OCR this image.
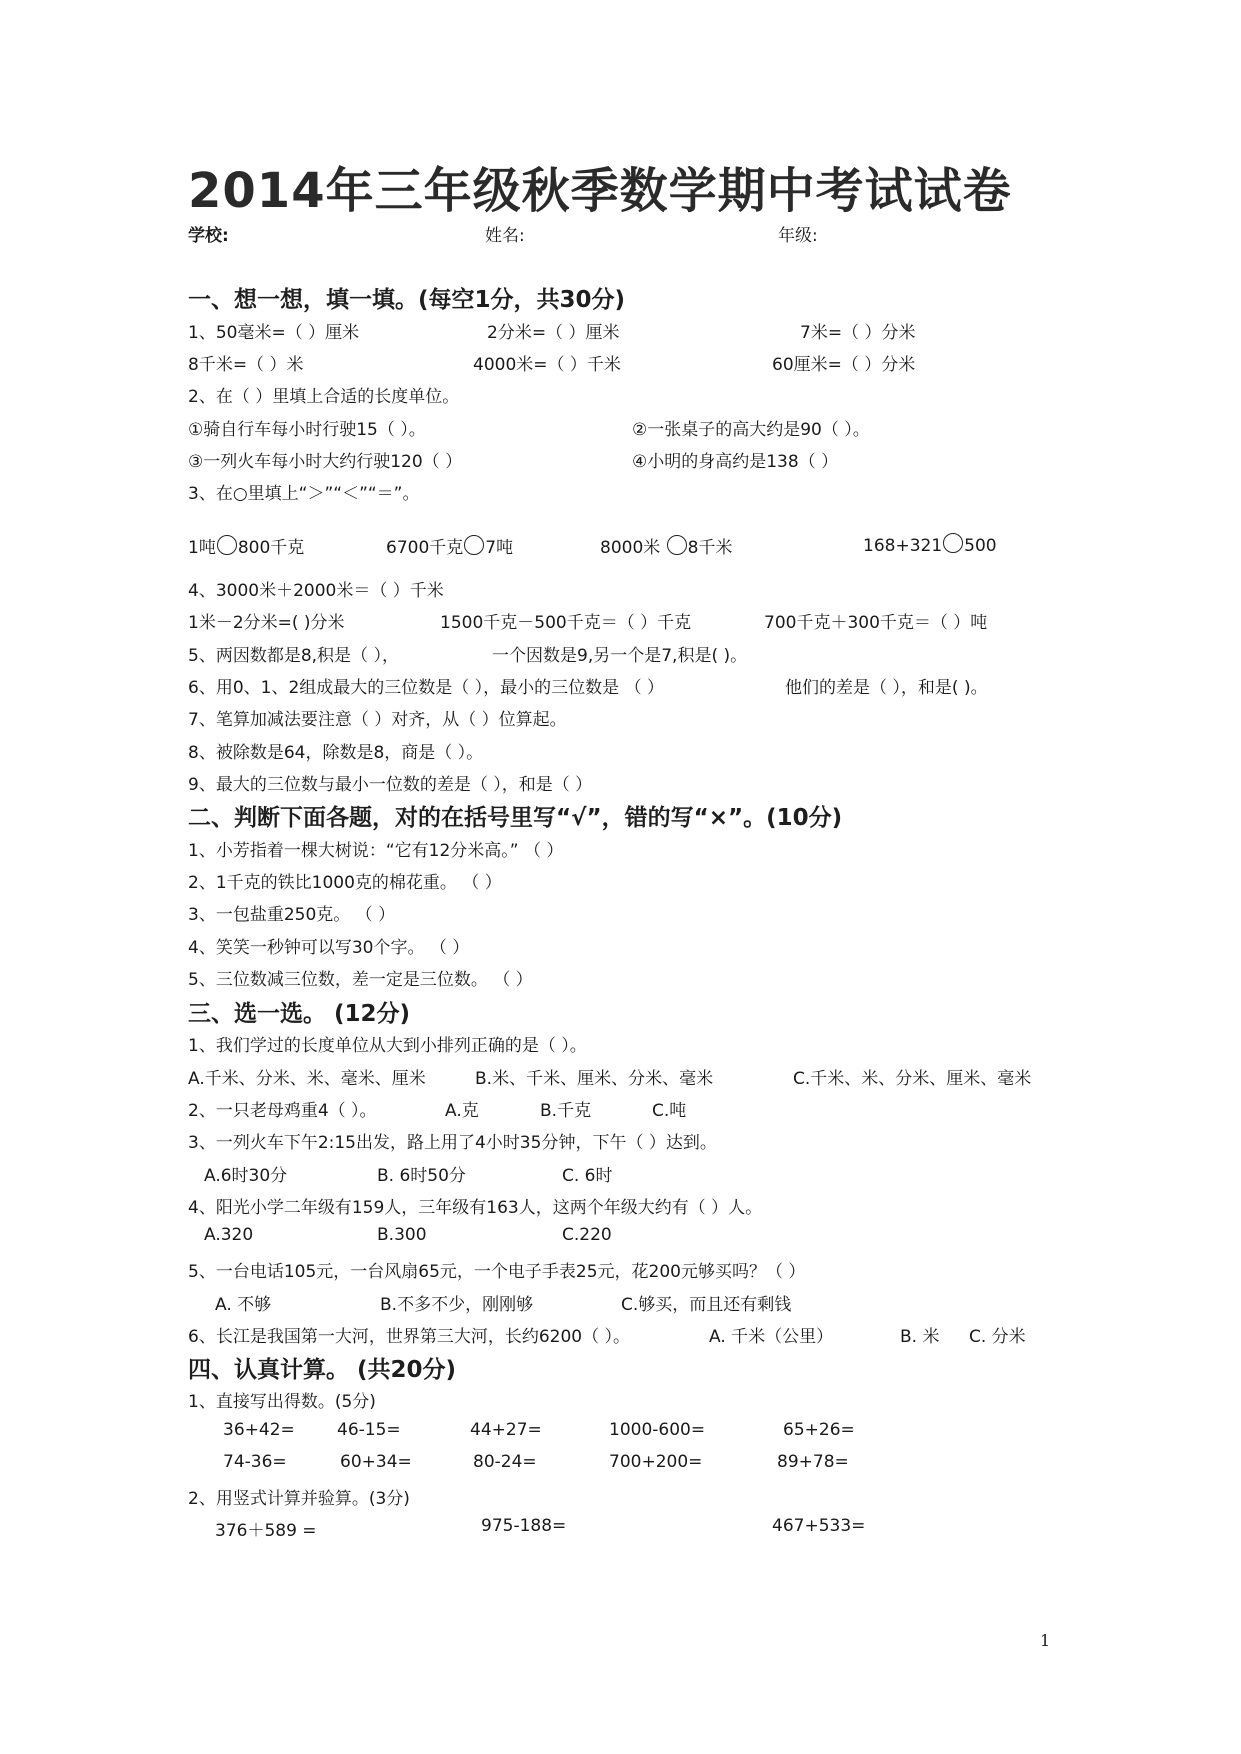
2014年三年级秋季数学期中考试试卷
学校:	姓名:	年级:
一、想一想，填一填。(每空1分，共30分)
1、50毫米=（ ）厘米	2分米=（ ）厘米	7米=（ ）分米
8千米=（ ）米	4000米=（ ）千米	60厘米=（ ）分米
2、在（ ）里填上合适的长度单位。
①骑自行车每小时行驶15（ ）。	②一张桌子的高大约是90（ ）。
③一列火车每小时大约行驶120（ ）	④小明的身高约是138（ ）
3、在○里填上“＞”“＜”“＝”。
1吨 800千克	6700千克 7吨	8000米 8千米	168+321 500
4、3000米＋2000米＝（ ）千米
1米－2分米=( )分米	1500千克－500千克＝（ ）千克	700千克＋300千克＝（ ）吨
5、两因数都是8,积是（ ），	一个因数是9,另一个是7,积是( )。
6、用0、1、2组成最大的三位数是（ ），最小的三位数是 （ ）	他们的差是（ ），和是( )。
7、笔算加减法要注意（ ）对齐，从（ ）位算起。
8、被除数是64，除数是8，商是（ ）。
9、最大的三位数与最小一位数的差是（ ），和是（ ）
二、判断下面各题，对的在括号里写“√”，错的写“×”。(10分)
1、小芳指着一棵大树说：“它有12分米高。” （ ）
2、1千克的铁比1000克的棉花重。 （ ）
3、一包盐重250克。 （ ）
4、笑笑一秒钟可以写30个字。 （ ）
5、三位数减三位数，差一定是三位数。 （ ）
三、选一选。 (12分)
1、我们学过的长度单位从大到小排列正确的是（ ）。
A.千米、分米、米、毫米、厘米	B.米、千米、厘米、分米、毫米	C.千米、米、分米、厘米、毫米
2、一只老母鸡重4（ ）。	A.克	B.千克	C.吨
3、一列火车下午2:15出发，路上用了4小时35分钟，下午（ ）达到。
A.6时30分	B. 6时50分	C. 6时
4、阳光小学二年级有159人，三年级有163人，这两个年级大约有（ ）人。
A.320	B.300	C.220
5、一台电话105元，一台风扇65元，一个电子手表25元，花200元够买吗？（ ）
A. 不够	B.不多不少，刚刚够	C.够买，而且还有剩钱
6、长江是我国第一大河，世界第三大河，长约6200（ ）。	A. 千米（公里）	B. 米 C. 分米
四、认真计算。 (共20分)
1、直接写出得数。(5分)
36+42= 46-15=	44+27=	1000-600=	65+26=
74-36=	60+34=	80-24=	700+200=	89+78=
2、用竖式计算并验算。(3分)
376＋589 =	975-188=	467+533=
1
